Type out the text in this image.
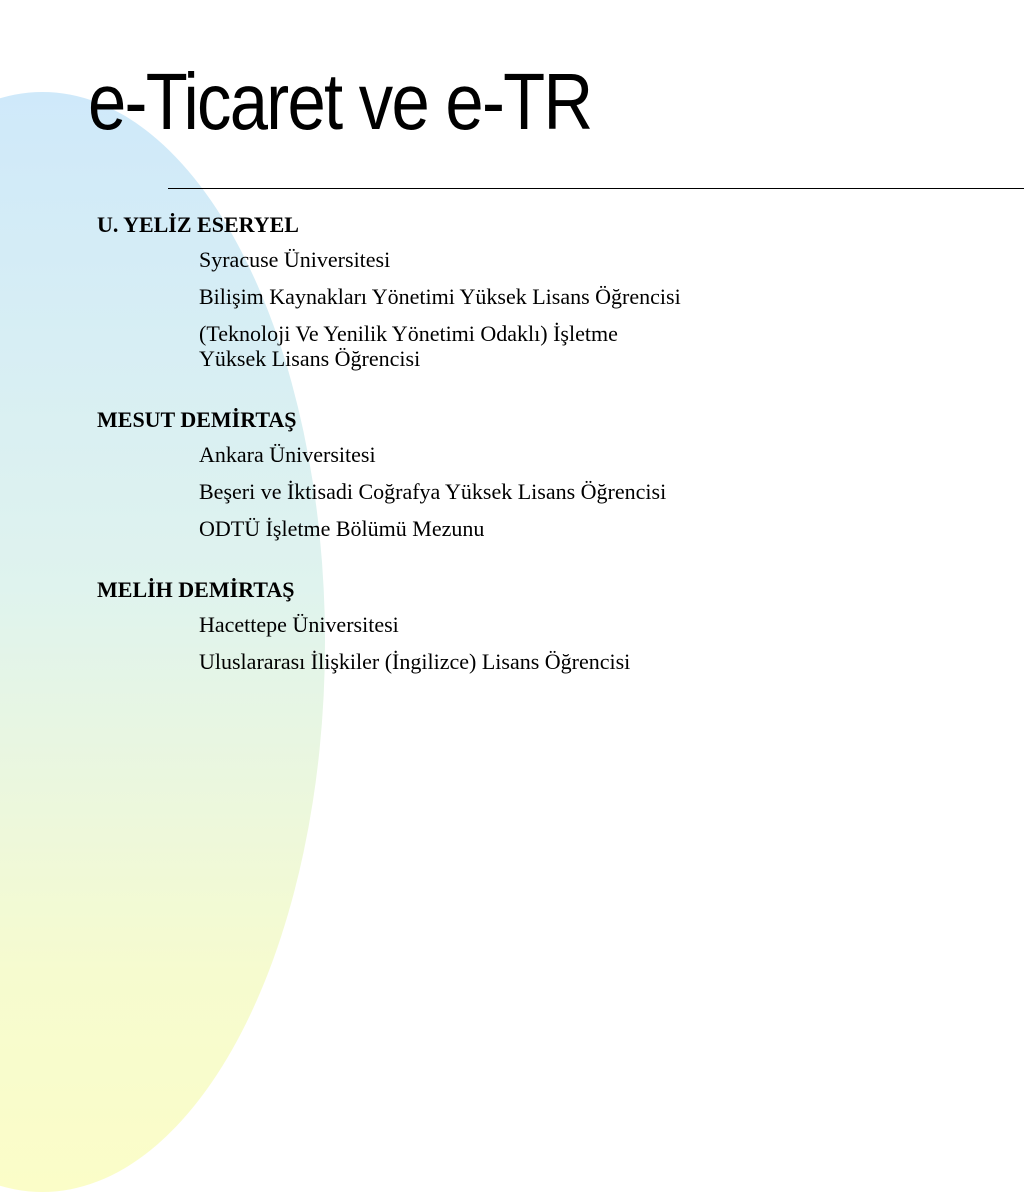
e-Ticaret ve e-TR
U. YELİZ ESERYEL
Syracuse Üniversitesi
Bilişim Kaynakları Yönetimi Yüksek Lisans Öğrencisi
(Teknoloji Ve Yenilik Yönetimi Odaklı) İşletme
Yüksek Lisans Öğrencisi
MESUT DEMİRTAŞ
Ankara Üniversitesi
Beşeri ve İktisadi Coğrafya Yüksek Lisans Öğrencisi
ODTÜ İşletme Bölümü Mezunu
MELİH DEMİRTAŞ
Hacettepe Üniversitesi
Uluslararası İlişkiler (İngilizce) Lisans Öğrencisi
